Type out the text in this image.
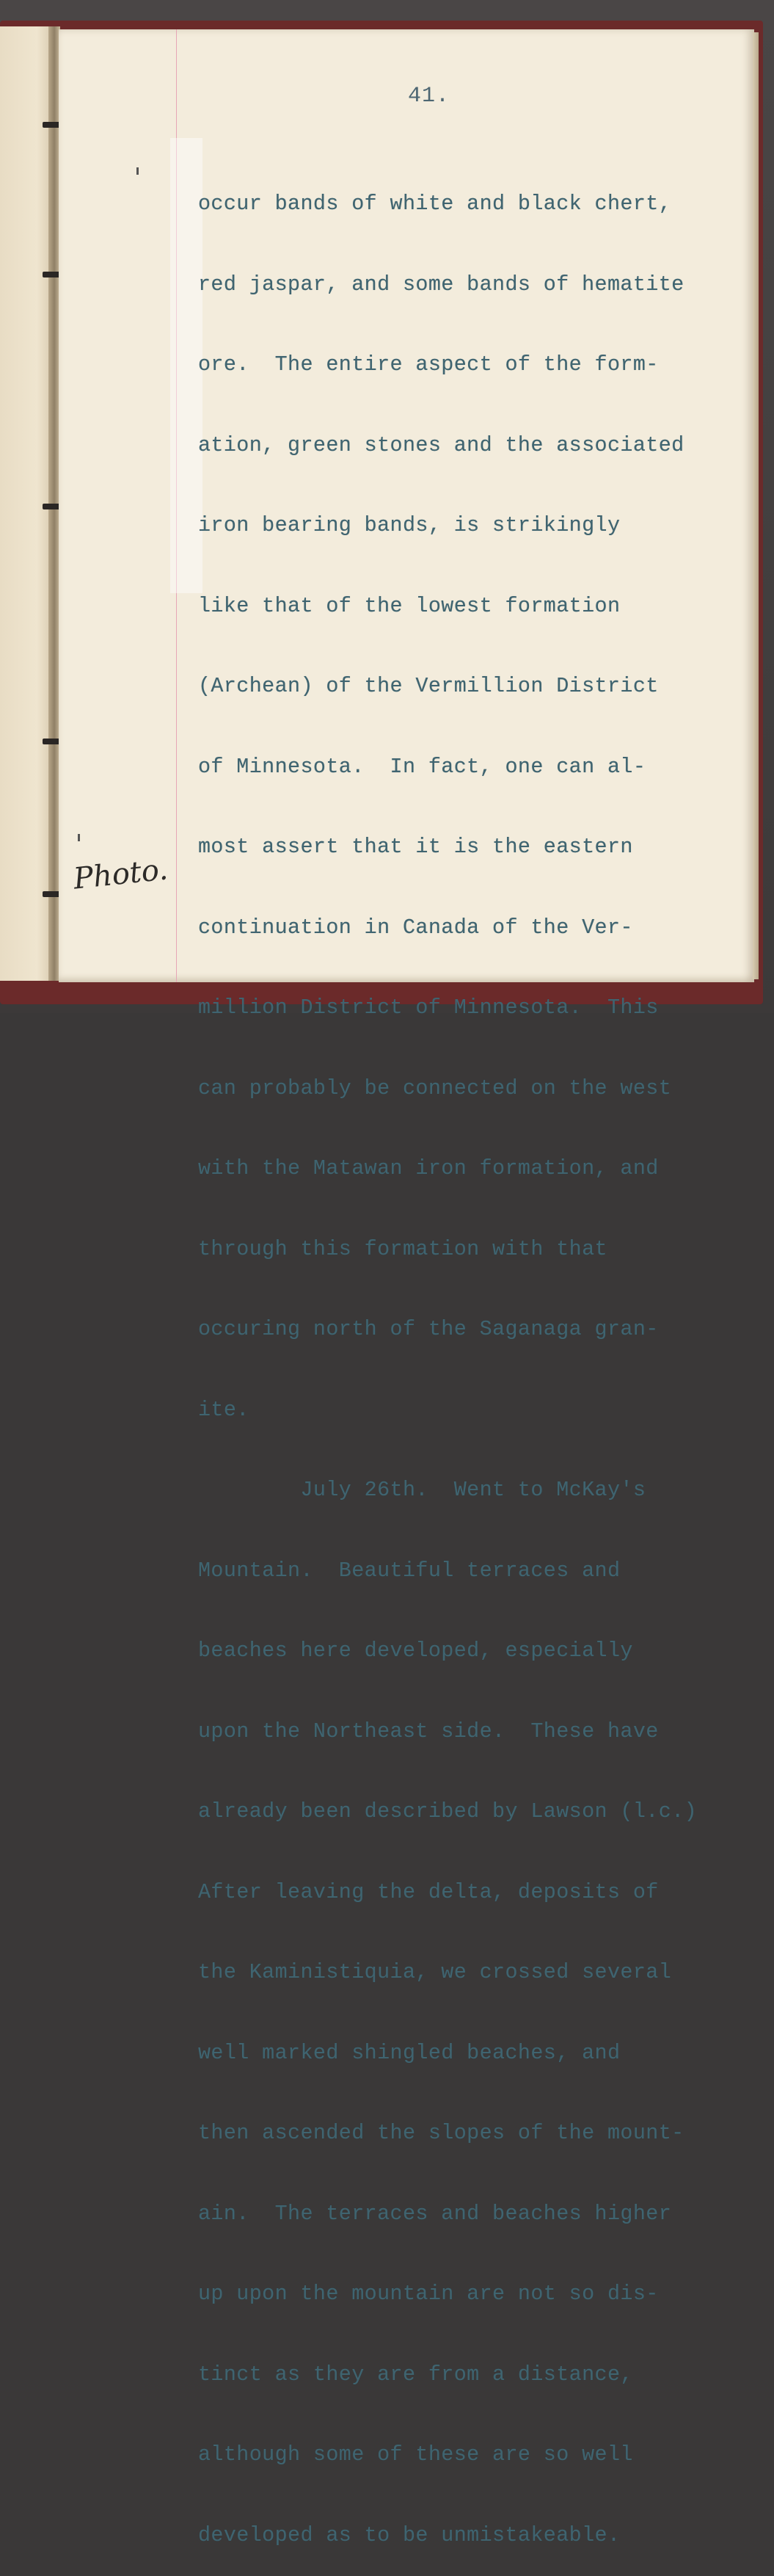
41.

occur bands of white and black chert,

red jaspar, and some bands of hematite

ore.  The entire aspect of the form-

ation, green stones and the associated

iron bearing bands, is strikingly

like that of the lowest formation

(Archean) of the Vermillion District

of Minnesota.  In fact, one can al-

most assert that it is the eastern

continuation in Canada of the Ver-

million District of Minnesota.  This

can probably be connected on the west

with the Matawan iron formation, and

through this formation with that

occuring north of the Saganaga gran-

ite.

July 26th.  Went to McKay's

Mountain.  Beautiful terraces and

beaches here developed, especially

upon the Northeast side.  These have

already been described by Lawson (l.c.)

After leaving the delta, deposits of

the Kaministiquia, we crossed several

well marked shingled beaches, and

then ascended the slopes of the mount-

ain.  The terraces and beaches higher

up upon the mountain are not so dis-

tinct as they are from a distance,

although some of these are so well

developed as to be unmistakeable.

Photo.
